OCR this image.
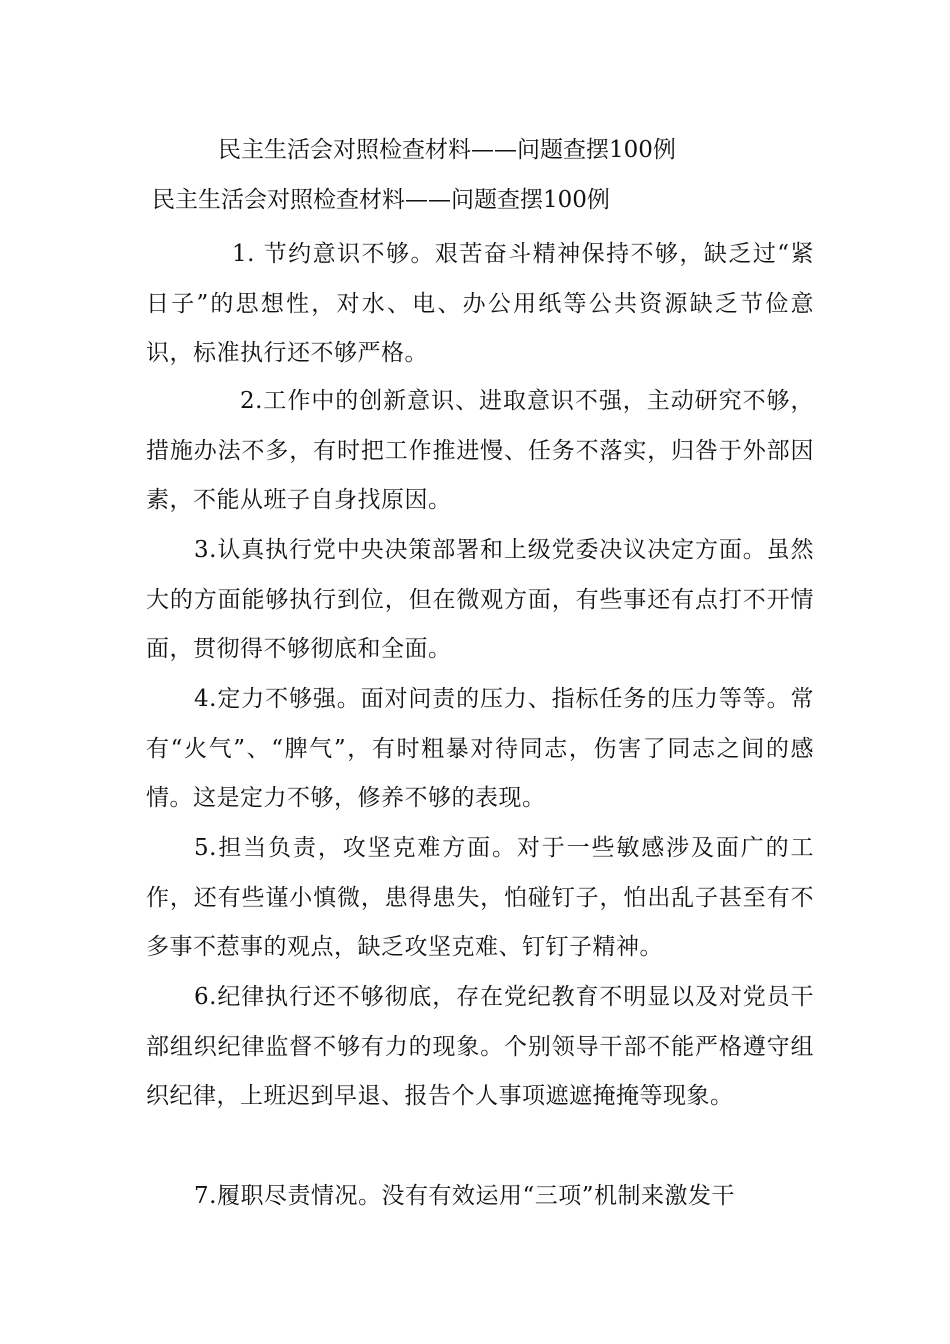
民主生活会对照检查材料——问题查摆100例
民主生活会对照检查材料——问题查摆100例
1. 节约意识不够。艰苦奋斗精神保持不够，缺乏过“紧日子”的思想性，对水、电、办公用纸等公共资源缺乏节俭意识，标准执行还不够严格。
2.工作中的创新意识、进取意识不强，主动研究不够，措施办法不多，有时把工作推进慢、任务不落实，归咎于外部因素，不能从班子自身找原因。
3.认真执行党中央决策部署和上级党委决议决定方面。虽然大的方面能够执行到位，但在微观方面，有些事还有点打不开情面，贯彻得不够彻底和全面。
4.定力不够强。面对问责的压力、指标任务的压力等等。常有“火气”、“脾气”，有时粗暴对待同志，伤害了同志之间的感情。这是定力不够，修养不够的表现。
5.担当负责，攻坚克难方面。对于一些敏感涉及面广的工作，还有些谨小慎微，患得患失，怕碰钉子，怕出乱子甚至有不多事不惹事的观点，缺乏攻坚克难、钉钉子精神。
6.纪律执行还不够彻底，存在党纪教育不明显以及对党员干部组织纪律监督不够有力的现象。个别领导干部不能严格遵守组织纪律，上班迟到早退、报告个人事项遮遮掩掩等现象。
7.履职尽责情况。没有有效运用“三项”机制来激发干
